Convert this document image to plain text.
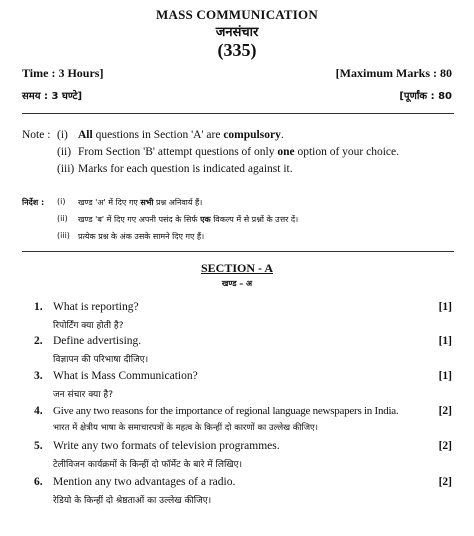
MASS COMMUNICATION
जनसंचार
(335)
Time : 3 Hours]	[Maximum Marks : 80
समय : 3 घण्टे]	[पूर्णांक : 80
Note : (i) All questions in Section 'A' are compulsory.
(ii) From Section 'B' attempt questions of only one option of your choice.
(iii) Marks for each question is indicated against it.
निर्देश : (i) खण्ड 'अ' में दिए गए सभी प्रश्न अनिवार्य हैं।
(ii) खण्ड 'ब' में दिए गए अपनी पसंद के सिर्फ एक विकल्प में से प्रश्नों के उत्तर दें।
(iii) प्रत्येक प्रश्न के अंक उसके सामने दिए गए हैं।
SECTION - A
खण्ड – अ
1. What is reporting?
रिपोर्टिंग क्या होती है?
[1]
2. Define advertising.
विज्ञापन की परिभाषा दीजिए।
[1]
3. What is Mass Communication?
जन संचार क्या है?
[1]
4. Give any two reasons for the importance of regional language newspapers in India.
भारत में क्षेत्रीय भाषा के समाचारपत्रों के महत्व के किन्हीं दो कारणों का उल्लेख कीजिए।
[2]
5. Write any two formats of television programmes.
टेलीविजन कार्यक्रमों के किन्हीं दो फॉर्मेट के बारे में लिखिए।
[2]
6. Mention any two advantages of a radio.
रेडियो के किन्हीं दो श्रेष्ठताओं का उल्लेख कीजिए।
[2]
